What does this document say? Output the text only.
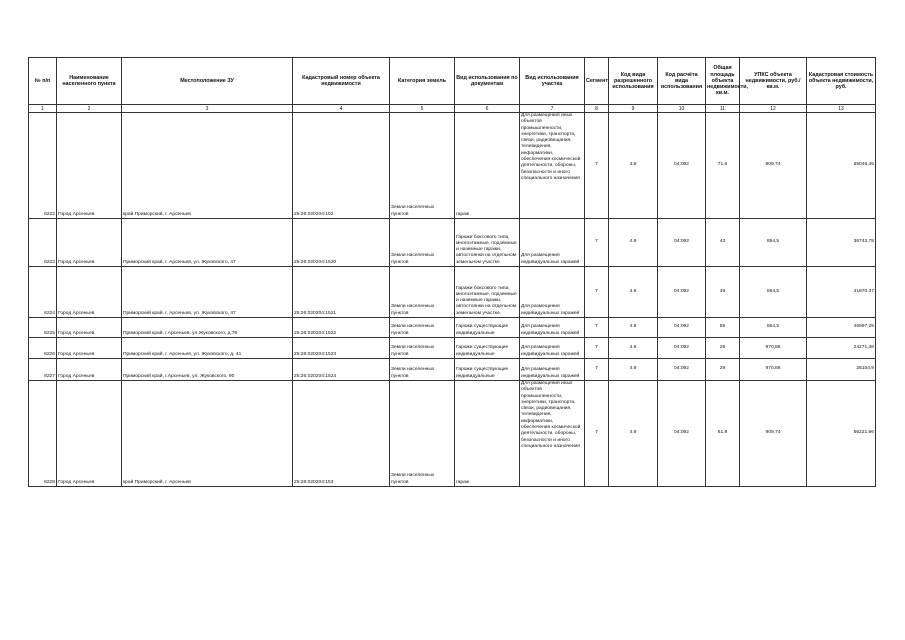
№ п/п	Наименование населенного пункта	Местоположение ЗУ	Кадастровый номер объекта недвижимости	Категория земель	Вид использования по документам	Вид использования участка	Сегмент	Код вида разрешенного использования	Код расчёта вида использования	Общая площадь объекта недвижимости, кв.м.	УПКС объекта недвижимости, руб./кв.м.	Кадастровая стоимость объекта недвижимости, руб.
1	2	3	4	5	6	7	8	9	10	11	12	13
8222	Город Арсеньев	край Приморский, г. Арсеньев	25:26:020204:102	Земли населенных пунктов	гараж	Для размещения иных объектов промышленности, энергетики, транспорта, связи, радиовещания, телевидения, информатики, обеспечения космической деятельности, обороны, безопасности и иного специального назначения	7	4.9	04:092	71.5	909,74	65046,45
8223	Город Арсеньев	Приморский край, г. Арсеньев, ул. Жуковского, 47	25:26:020204:1520	Земли населенных пунктов	Гаражи боксового типа, многоэтажные, подземные и наземные гаражи, автостоянки на отдельном земельном участке	Для размещения индивидуальных гаражей	7	4.9	04:092	43	854,5	36743,78
8224	Город Арсеньев	Приморский край, г. Арсеньев, ул. Жуковского, 47	25:26:020204:1521	Земли населенных пунктов	Гаражи боксового типа, многоэтажные, подземные и наземные гаражи, автостоянки на отдельном земельном участке.	Для размещения индивидуальных гаражей	7	4.9	04:092	49	854,5	41870.37
8225	Город Арсеньев	Приморский край, г.Арсеньев, ул.Жуковского, д.76	25:26:020204:1522	Земли населенных пунктов	Гаражи существующие индивидуальные	Для размещения индивидуальных гаражей	7	4.9	04:092	55	854,5	46997,25
8226	Город Арсеньев	Приморский край, г. Арсеньев, ул. Жуковского, д. 41	25:26:020204:1523	Земли населенных пунктов	Гаражи существующие индивидуальные	Для размещения индивидуальных гаражей	7	4.9	04:092	25	970,86	24271,38
8227	Город Арсеньев	Приморский край, г.Арсеньев, ул. Жуковского, 90	25:26:020204:1524	Земли населенных пунктов	Гаражи существующие индивидуальные	Для размещения индивидуальных гаражей	7	4.9	04:092	29	970,86	28154,9
8228	Город Арсеньев	край Приморский, г. Арсеньев	25:26:020204:153	Земли населенных пунктов	гараж	Для размещения иных объектов промышленности, энергетики, транспорта, связи, радиовещания, телевидения, информатики, обеспечения космической деятельности, обороны, безопасности и иного специального назначения	7	4.9	04:092	61.8	909,74	56221,96
